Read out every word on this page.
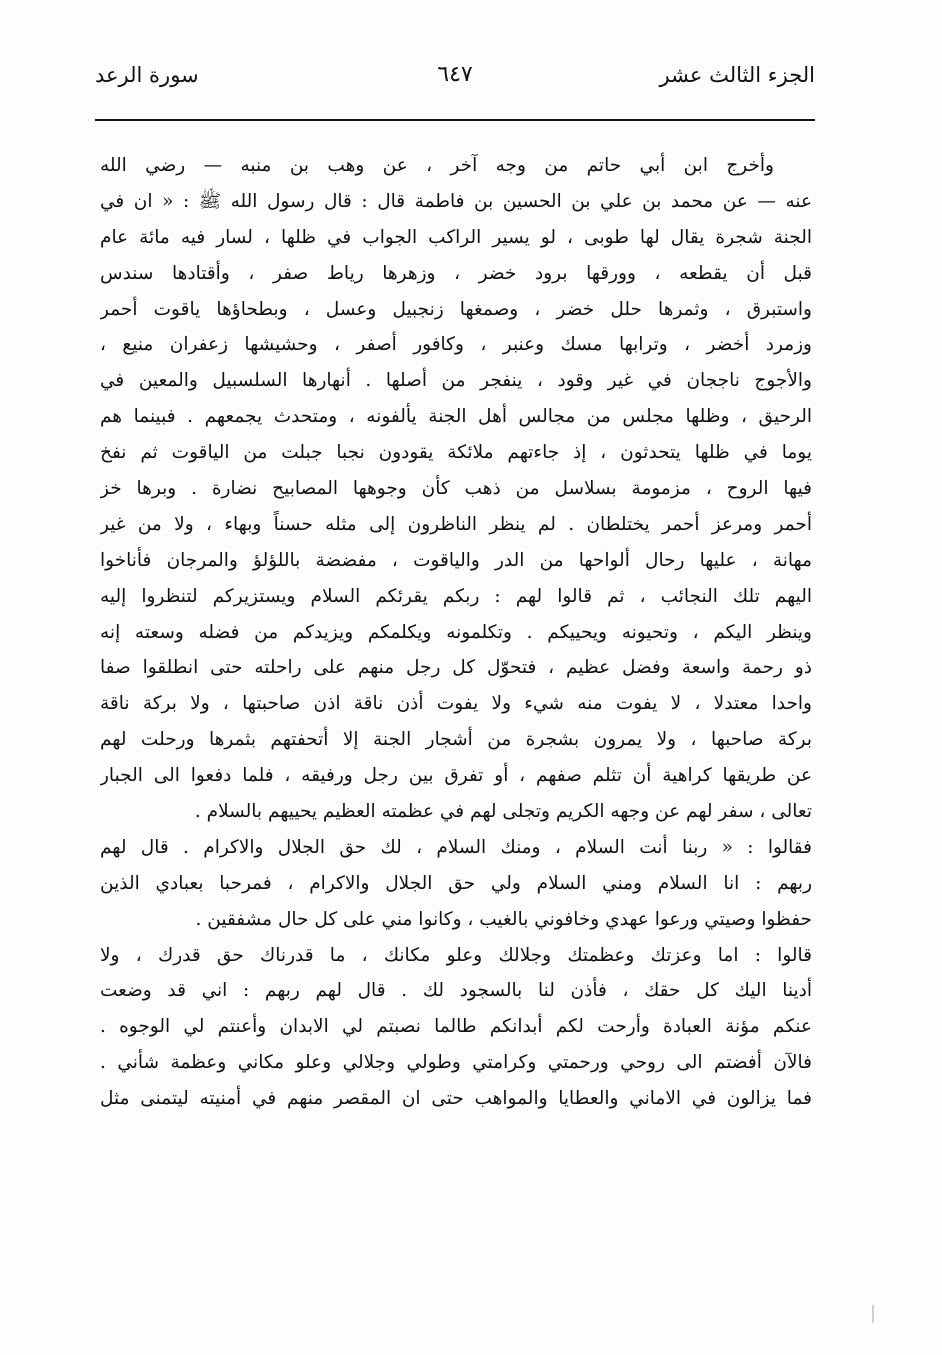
الجزء الثالث عشر
٦٤٧
سورة الرعد
وأخرج ابن أبي حاتم من وجه آخر ، عن وهب بن منبه — رضي الله
عنه — عن محمد بن علي بن الحسين بن فاطمة قال : قال رسول الله ﷺ : « ان في
الجنة شجرة يقال لها طوبى ، لو يسير الراكب الجواب في ظلها ، لسار فيه مائة عام
قبل أن يقطعه ، وورقها برود خضر ، وزهرها رياط صفر ، وأقتادها سندس
واستبرق ، وثمرها حلل خضر ، وصمغها زنجبيل وعسل ، وبطحاؤها ياقوت أحمر
وزمرد أخضر ، وترابها مسك وعنبر ، وكافور أصفر ، وحشيشها زعفران منيع ،
والأجوج ناججان في غير وقود ، ينفجر من أصلها . أنهارها السلسبيل والمعين في
الرحيق ، وظلها مجلس من مجالس أهل الجنة يألفونه ، ومتحدث يجمعهم . فبينما هم
يوما في ظلها يتحدثون ، إذ جاءتهم ملائكة يقودون نجبا جبلت من الياقوت ثم نفخ
فيها الروح ، مزمومة بسلاسل من ذهب كأن وجوهها المصابيح نضارة . وبرها خز
أحمر ومرعز أحمر يختلطان . لم ينظر الناظرون إلى مثله حسناً وبهاء ، ولا من غير
مهانة ، عليها رحال ألواحها من الدر والياقوت ، مفضضة باللؤلؤ والمرجان فأناخوا
اليهم تلك النجائب ، ثم قالوا لهم : ربكم يقرئكم السلام ويستزيركم لتنظروا إليه
وينظر اليكم ، وتحيونه ويحييكم . وتكلمونه ويكلمكم ويزيدكم من فضله وسعته إنه
ذو رحمة واسعة وفضل عظيم ، فتحوّل كل رجل منهم على راحلته حتى انطلقوا صفا
واحدا معتدلا ، لا يفوت منه شيء ولا يفوت أذن ناقة اذن صاحبتها ، ولا بركة ناقة
بركة صاحبها ، ولا يمرون بشجرة من أشجار الجنة إلا أتحفتهم بثمرها ورحلت لهم
عن طريقها كراهية أن تثلم صفهم ، أو تفرق بين رجل ورفيقه ، فلما دفعوا الى الجبار
تعالى ، سفر لهم عن وجهه الكريم وتجلى لهم في عظمته العظيم يحييهم بالسلام .
فقالوا : « ربنا أنت السلام ، ومنك السلام ، لك حق الجلال والاكرام . قال لهم
ربهم : انا السلام ومني السلام ولي حق الجلال والاكرام ، فمرحبا بعبادي الذين
حفظوا وصيتي ورعوا عهدي وخافوني بالغيب ، وكانوا مني على كل حال مشفقين .
قالوا : اما وعزتك وعظمتك وجلالك وعلو مكانك ، ما قدرناك حق قدرك ، ولا
أدينا اليك كل حقك ، فأذن لنا بالسجود لك . قال لهم ربهم : اني قد وضعت
عنكم مؤنة العبادة وأرحت لكم أبدانكم طالما نصبتم لي الابدان وأعنتم لي الوجوه .
فالآن أفضتم الى روحي ورحمتي وكرامتي وطولي وجلالي وعلو مكاني وعظمة شأني .
فما يزالون في الاماني والعطايا والمواهب حتى ان المقصر منهم في أمنيته ليتمنى مثل
